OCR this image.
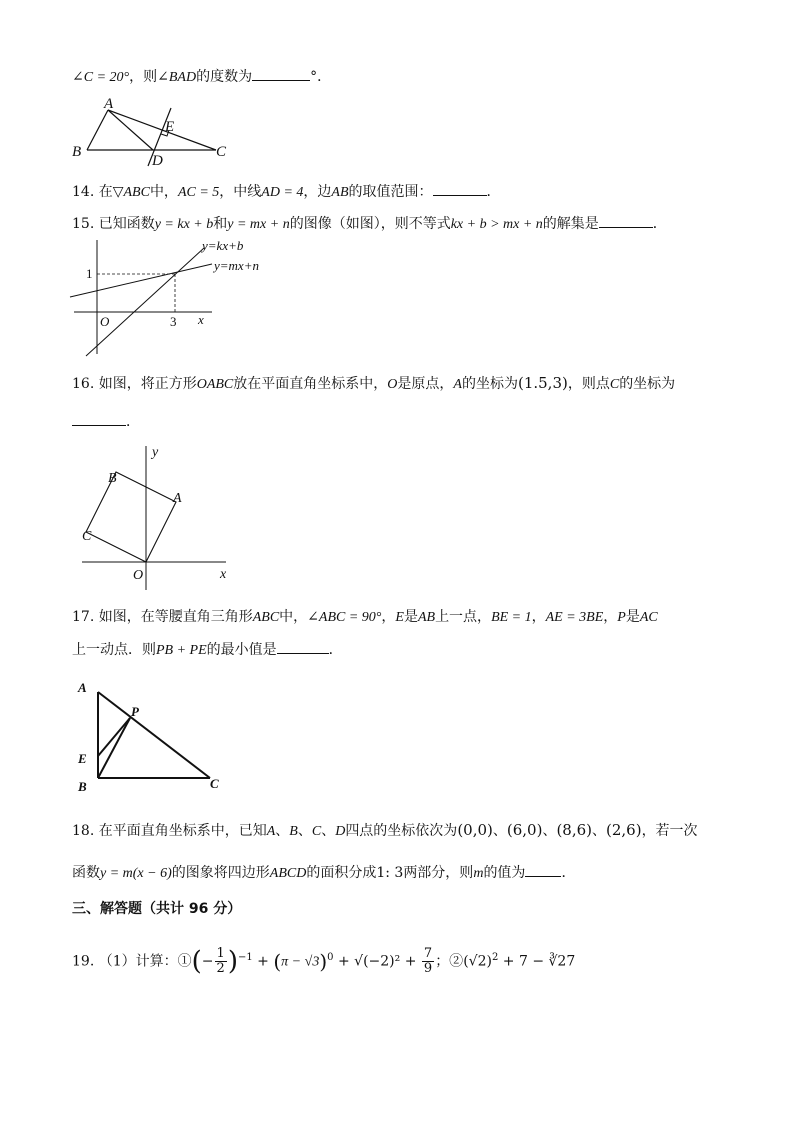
∠C = 20°，则∠BAD的度数为	°．
A
B	C
D
E
14. 在▽ABC中，AC = 5，中线AD = 4，边AB的取值范围：	．
15. 已知函数y = kx + b和y = mx + n的图像（如图），则不等式kx + b > mx + n的解集是	．
y=kx+b
y=mx+n
1
O	3 x
16. 如图，将正方形OABC放在平面直角坐标系中，O是原点，A的坐标为(1.5,3)，则点C的坐标为
．
y
B
A
C
O	x
17. 如图，在等腰直角三角形ABC中，∠ABC = 90°，E是AB上一点，BE = 1，AE = 3BE，P是AC
上一动点．则PB + PE的最小值是	．
A
P
E
B	C
18. 在平面直角坐标系中，已知A、B、C、D四点的坐标依次为(0,0)、(6,0)、(8,6)、(2,6)，若一次
函数y = m(x − 6)的图象将四边形ABCD的面积分成1: 3两部分，则m的值为	．
三、解答题（共计 96 分）
19. （1）计算：①(− $\frac{1}{2} )^{-1} + (\pi - √3)^0 + √(-2)^2 + \frac{7}{9}$ ；$②(√2)^2 + 7$ − ∛27
